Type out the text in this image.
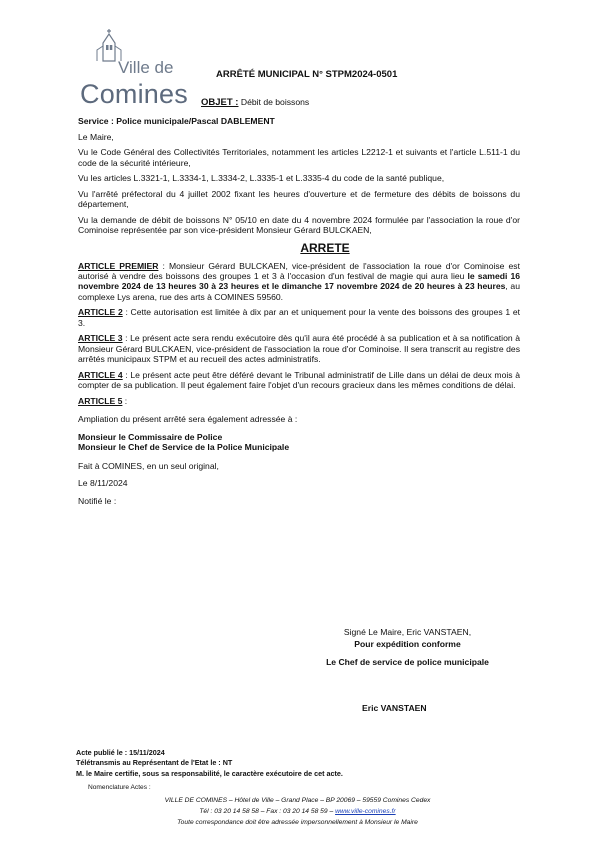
Ville de
Comines
ARRÊTÉ MUNICIPAL N° STPM2024-0501
OBJET : Débit de boissons
Service : Police municipale/Pascal DABLEMENT

Le Maire,

Vu le Code Général des Collectivités Territoriales, notamment les articles L2212-1 et suivants et l'article L.511-1 du code de la sécurité intérieure,

Vu les articles L.3321-1, L.3334-1, L.3334-2, L.3335-1 et L.3335-4 du code de la santé publique,

Vu l'arrêté préfectoral du 4 juillet 2002 fixant les heures d'ouverture et de fermeture des débits de boissons du département,

Vu la demande de débit de boissons N° 05/10 en date du 4 novembre 2024 formulée par l'association la roue d'or Cominoise représentée par son vice-président Monsieur Gérard BULCKAEN,

ARRETE

ARTICLE PREMIER : Monsieur Gérard BULCKAEN, vice-président de l'association la roue d'or Cominoise est autorisé à vendre des boissons des groupes 1 et 3 à l'occasion d'un festival de magie qui aura lieu le samedi 16 novembre 2024 de 13 heures 30 à 23 heures et le dimanche 17 novembre 2024 de 20 heures à 23 heures, au complexe Lys arena, rue des arts à COMINES 59560.

ARTICLE 2 : Cette autorisation est limitée à dix par an et uniquement pour la vente des boissons des groupes 1 et 3.

ARTICLE 3 : Le présent acte sera rendu exécutoire dès qu'il aura été procédé à sa publication et à sa notification à Monsieur Gérard BULCKAEN, vice-président de l'association la roue d'or Cominoise. Il sera transcrit au registre des arrêtés municipaux STPM et au recueil des actes administratifs.

ARTICLE 4 : Le présent acte peut être déféré devant le Tribunal administratif de Lille dans un délai de deux mois à compter de sa publication. Il peut également faire l'objet d'un recours gracieux dans les mêmes conditions de délai.

ARTICLE 5 :

Ampliation du présent arrêté sera également adressée à :

Monsieur le Commissaire de Police

Monsieur le Chef de Service de la Police Municipale

Fait à COMINES, en un seul original,

Le 8/11/2024

Notifié le :

Signé Le Maire, Eric VANSTAEN,
Pour expédition conforme
Le Chef de service de police municipale
Eric VANSTAEN
Acte publié le : 15/11/2024
Télétransmis au Représentant de l'Etat le : NT
M. le Maire certifie, sous sa responsabilité, le caractère exécutoire de cet acte.
Nomenclature Actes :
VILLE DE COMINES – Hôtel de Ville – Grand Place – BP 20069 – 59559 Comines Cedex
Tél : 03 20 14 58 58 – Fax : 03 20 14 58 59 – www.ville-comines.fr
Toute correspondance doit être adressée impersonnellement à Monsieur le Maire
